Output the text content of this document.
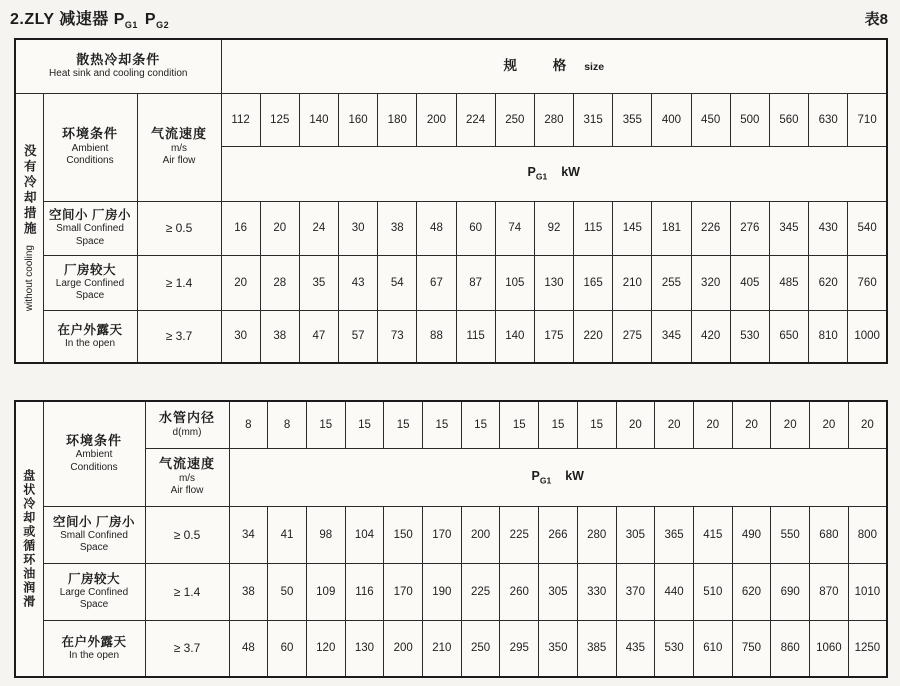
2.ZLY 减速器 $P_{G1}$ $P_{G2}$	表8
散热冷却条件
Heat sink and cooling condition			规 格 size																

没有冷却措施
without cooling

环境条件
Ambient
Conditions

气流速度
m/s
Air flow
	112	125	140	160	180	200	224	250	280	315	355	400	450	500	560	630	710
			$P_{G1}$ kW																

	空间小 厂房小
Small Confined
Space	≥ 0.5	16	20	24	30	38	48	60	74	92	115	145	181	226	276	345	430	540

	厂房较大
Large Confined
Space	≥ 1.4	20	28	35	43	54	67	87	105	130	165	210	255	320	405	485	620	760

	在户外露天
In the open	≥ 3.7	30	38	47	57	73	88	115	140	175	220	275	345	420	530	650	810	1000
盘状冷却或循环油润滑

环境条件
Ambient
Conditions

水管内径
d(mm)
	8	8	15	15	15	15	15	15	15	15	20	20	20	20	20	20	20

		气流速度
m/s
Air flow	$P_{G1}$ kW																

	空间小 厂房小
Small Confined
Space	≥ 0.5	34	41	98	104	150	170	200	225	266	280	305	365	415	490	550	680	800

	厂房较大
Large Confined
Space	≥ 1.4	38	50	109	116	170	190	225	260	305	330	370	440	510	620	690	870	1010

	在户外露天
In the open	≥ 3.7	48	60	120	130	200	210	250	295	350	385	435	530	610	750	860	1060	1250
